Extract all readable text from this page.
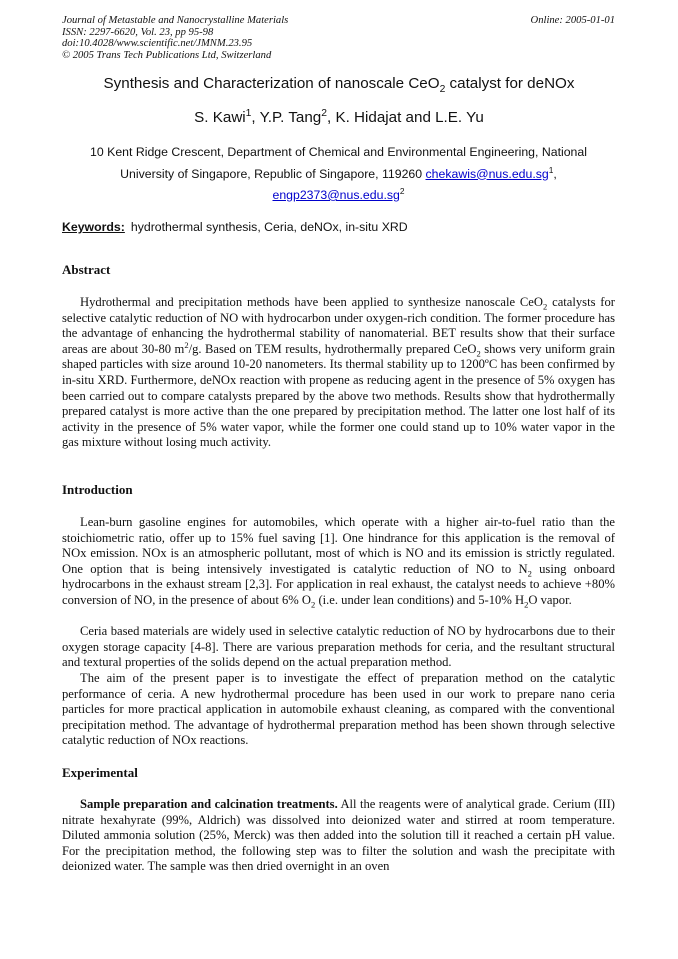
Journal of Metastable and Nanocrystalline Materials
ISSN: 2297-6620, Vol. 23, pp 95-98
doi:10.4028/www.scientific.net/JMNM.23.95
© 2005 Trans Tech Publications Ltd, Switzerland
Online: 2005-01-01
Synthesis and Characterization of nanoscale CeO$_2$ catalyst for deNOx
S. Kawi$^1$, Y.P. Tang$^2$, K. Hidajat and L.E. Yu
10 Kent Ridge Crescent, Department of Chemical and Environmental Engineering, National
University of Singapore, Republic of Singapore, 119260 $chekawis@nus.edu.sg^1$,
$engp2373@nus.edu.sg^2$
Keywords: hydrothermal synthesis, Ceria, deNOx, in-situ XRD
Abstract

Hydrothermal and precipitation methods have been applied to synthesize nanoscale CeO$_2$ catalysts for selective catalytic reduction of NO with hydrocarbon under oxygen-rich condition. The former procedure has the advantage of enhancing the hydrothermal stability of nanomaterial. BET results show that their surface areas are about 30-80 $m^2/g$. Based on TEM results, hydrothermally prepared CeO$_2$ shows very uniform grain shaped particles with size around 10-20 nanometers. Its thermal stability up to 1200ºC has been confirmed by in-situ XRD. Furthermore, deNOx reaction with propene as reducing agent in the presence of 5% oxygen has been carried out to compare catalysts prepared by the above two methods. Results show that hydrothermally prepared catalyst is more active than the one prepared by precipitation method. The latter one lost half of its activity in the presence of 5% water vapor, while the former one could stand up to 10% water vapor in the gas mixture without losing much activity.

Introduction

Lean-burn gasoline engines for automobiles, which operate with a higher air-to-fuel ratio than the stoichiometric ratio, offer up to 15% fuel saving [1]. One hindrance for this application is the removal of NOx emission. NOx is an atmospheric pollutant, most of which is NO and its emission is strictly regulated. One option that is being intensively investigated is catalytic reduction of NO to $N_2$ using onboard hydrocarbons in the exhaust stream [2,3]. For application in real exhaust, the catalyst needs to achieve +80% conversion of NO, in the presence of about 6% $O_2$ (i.e. under lean conditions) and 5-10% $H_2O$ vapor.

Ceria based materials are widely used in selective catalytic reduction of NO by hydrocarbons due to their oxygen storage capacity [4-8]. There are various preparation methods for ceria, and the resultant structural and textural properties of the solids depend on the actual preparation method.

The aim of the present paper is to investigate the effect of preparation method on the catalytic performance of ceria. A new hydrothermal procedure has been used in our work to prepare nano ceria particles for more practical application in automobile exhaust cleaning, as compared with the conventional precipitation method. The advantage of hydrothermal preparation method has been shown through selective catalytic reduction of NOx reactions.

Experimental

Sample preparation and calcination treatments. All the reagents were of analytical grade. Cerium (III) nitrate hexahyrate (99%, Aldrich) was dissolved into deionized water and stirred at room temperature. Diluted ammonia solution (25%, Merck) was then added into the solution till it reached a certain pH value. For the precipitation method, the following step was to filter the solution and wash the precipitate with deionized water. The sample was then dried overnight in an oven
